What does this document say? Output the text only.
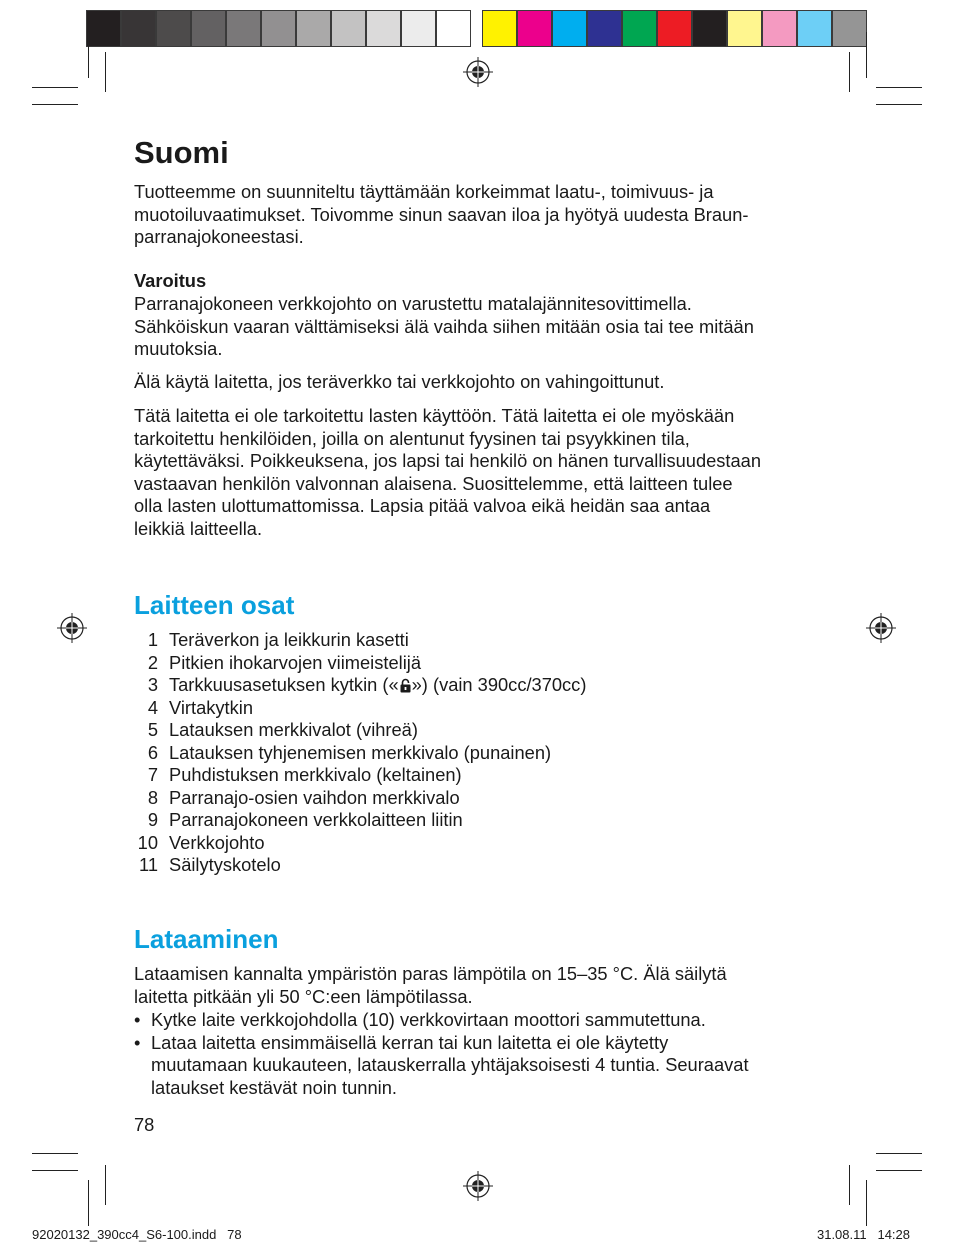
Suomi

Tuotteemme on suunniteltu täyttämään korkeimmat laatu-, toimivuus- ja
muotoiluvaatimukset. Toivomme sinun saavan iloa ja hyötyä uudesta Braun-
parranajokoneestasi.

Varoitus

Parranajokoneen verkkojohto on varustettu matalajännitesovittimella.
Sähköiskun vaaran välttämiseksi älä vaihda siihen mitään osia tai tee mitään
muutoksia.

Älä käytä laitetta, jos teräverkko tai verkkojohto on vahingoittunut.

Tätä laitetta ei ole tarkoitettu lasten käyttöön. Tätä laitetta ei ole myöskään
tarkoitettu henkilöiden, joilla on alentunut fyysinen tai psyykkinen tila,
käytettäväksi. Poikkeuksena, jos lapsi tai henkilö on hänen turvallisuudestaan
vastaavan henkilön valvonnan alaisena. Suosittelemme, että laitteen tulee
olla lasten ulottumattomissa. Lapsia pitää valvoa eikä heidän saa antaa
leikkiä laitteella.

Laitteen osat
1 Teräverkon ja leikkurin kasetti
2 Pitkien ihokarvojen viimeistelijä
3 Tarkkuusasetuksen kytkin (« ») (vain 390cc/370cc)
4 Virtakytkin
5 Latauksen merkkivalot (vihreä)
6 Latauksen tyhjenemisen merkkivalo (punainen)
7 Puhdistuksen merkkivalo (keltainen)
8 Parranajo-osien vaihdon merkkivalo
9 Parranajokoneen verkkolaitteen liitin
10 Verkkojohto
11 Säilytyskotelo
Lataaminen

Lataamisen kannalta ympäristön paras lämpötila on 15–35 °C. Älä säilytä
laitetta pitkään yli 50 °C:een lämpötilassa.

• Kytke laite verkkojohdolla (10) verkkovirtaan moottori sammutettuna.
• Lataa laitetta ensimmäisellä kerran tai kun laitetta ei ole käytetty
muutamaan kuukauteen, latauskerralla yhtäjaksoisesti 4 tuntia. Seuraavat
lataukset kestävät noin tunnin.
78
92020132_390cc4_S6-100.indd   78	31.08.11   14:28
